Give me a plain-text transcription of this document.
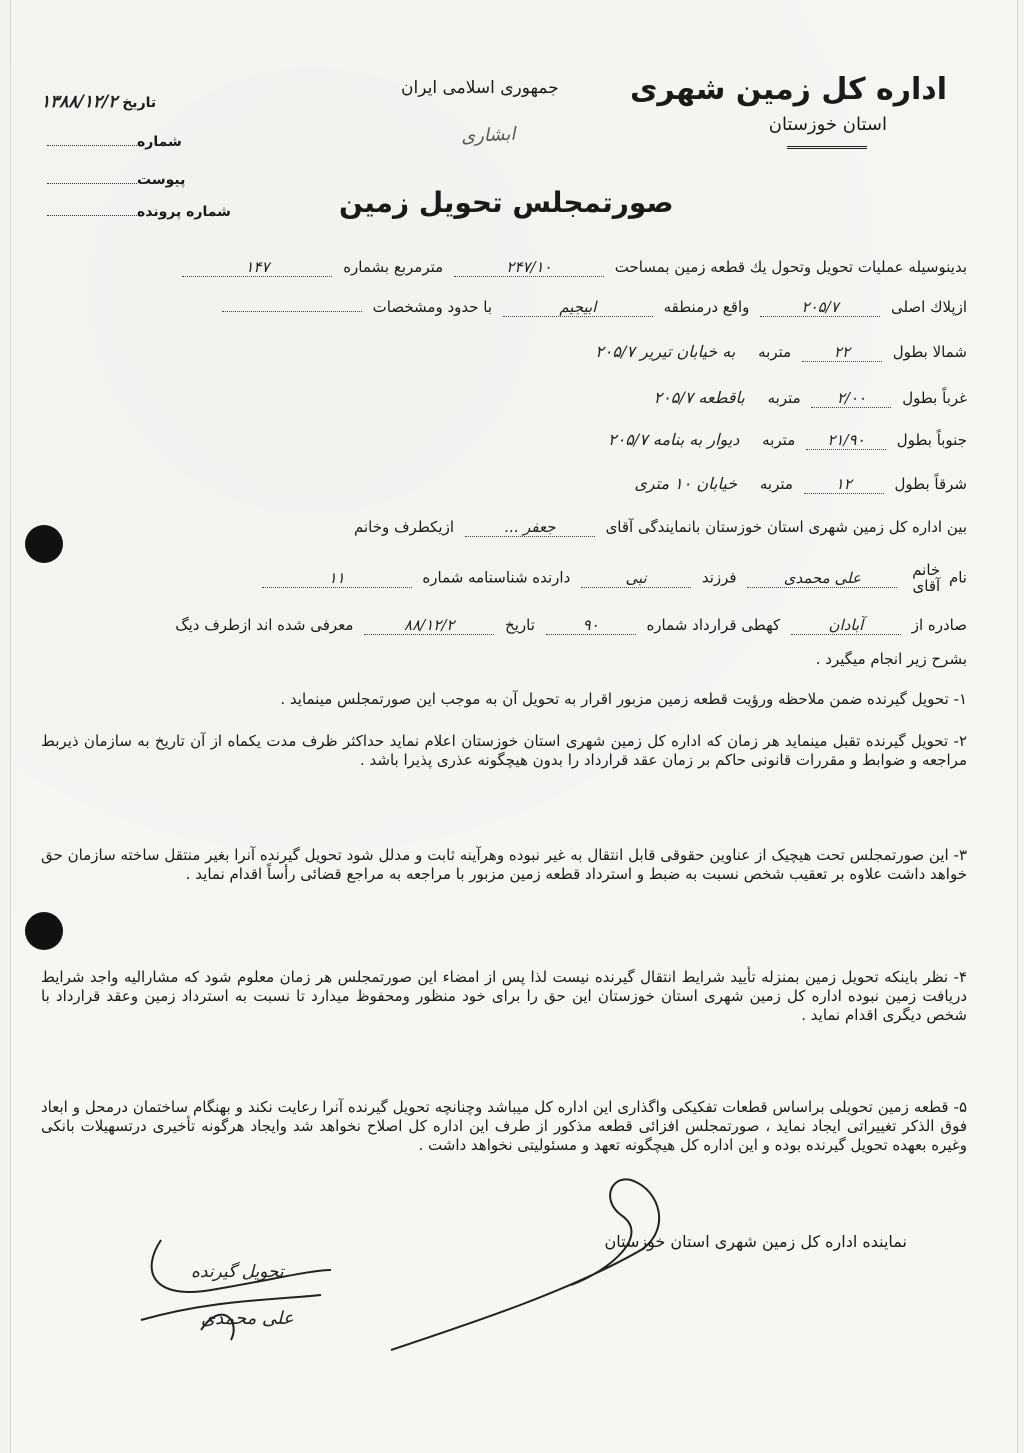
اداره کل زمین شهری
استان خوزستان
جمهوری اسلامی ایران
ابشاری
صورتمجلس تحویل زمین
تاریخ ۱۳۸۸/۱۲/۲
شماره
پیوست
شماره پرونده
بدینوسیله عملیات تحویل وتحول یك قطعه زمین بمساحت ۲۴۷/۱۰ مترمربع بشماره ۱۴۷
ازپلاك اصلی ۲۰۵/۷ واقع درمنطقه ابیجیم با حدود ومشخصات
شمالا بطول ۲۲ متربه به خیابان تیریر ۲۰۵/۷
غرباً بطول ۲/۰۰ متربه باقطعه ۲۰۵/۷
جنوباً بطول ۲۱/۹۰ متربه دیوار به بنامه ۲۰۵/۷
شرقاً بطول ۱۲ متربه خیابان ۱۰ متری
بین اداره کل زمین شهری استان خوزستان بانمایندگی آقای جعفر ... ازیکطرف وخانم
نام
خانم
آقای
علی محمدی فرزند نبی دارنده شناسنامه شماره ۱۱
صادره از آبادان کهطی قرارداد شماره ۹۰ تاریخ ۸۸/۱۲/۲ معرفی شده اند ازطرف دیگ
بشرح زیر انجام میگیرد .
۱- تحویل گیرنده ضمن ملاحظه ورؤیت قطعه زمین مزبور اقرار به تحویل آن به موجب این صورتمجلس مینماید .
۲- تحویل گیرنده تقبل مینماید هر زمان که اداره کل زمین شهری استان خوزستان اعلام نماید حداکثر ظرف مدت یکماه از آن تاریخ به سازمان ذیربط مراجعه و ضوابط و مقررات قانونی حاکم بر زمان عقد قرارداد را بدون هیچگونه عذری پذیرا باشد .
۳- این صورتمجلس تحت هیچیک از عناوین حقوقی قابل انتقال به غیر نبوده وهرآینه ثابت و مدلل شود تحویل گیرنده آنرا بغیر منتقل ساخته سازمان حق خواهد داشت علاوه بر تعقیب شخص نسبت به ضبط و استرداد قطعه زمین مزبور با مراجعه به مراجع قضائی رأساً اقدام نماید .
۴- نظر باینکه تحویل زمین بمنزله تأیید شرایط انتقال گیرنده نیست لذا پس از امضاء این صورتمجلس هر زمان معلوم شود که مشارالیه واجد شرایط دریافت زمین نبوده اداره کل زمین شهری استان خوزستان این حق را برای خود منظور ومحفوظ میدارد تا نسبت به استرداد زمین وعقد قرارداد با شخص دیگری اقدام نماید .
۵- قطعه زمین تحویلی براساس قطعات تفکیکی واگذاری این اداره کل میباشد وچنانچه تحویل گیرنده آنرا رعایت نکند و بهنگام ساختمان درمحل و ابعاد فوق الذکر تغییراتی ایجاد نماید ، صورتمجلس افزائی قطعه مذکور از طرف این اداره کل اصلاح نخواهد شد وایجاد هرگونه تأخیری درتسهیلات بانکی وغیره بعهده تحویل گیرنده بوده و این اداره کل هیچگونه تعهد و مسئولیتی نخواهد داشت .
نماینده اداره کل زمین شهری استان خوزستان
تحویل گیرنده
علی محمدی
